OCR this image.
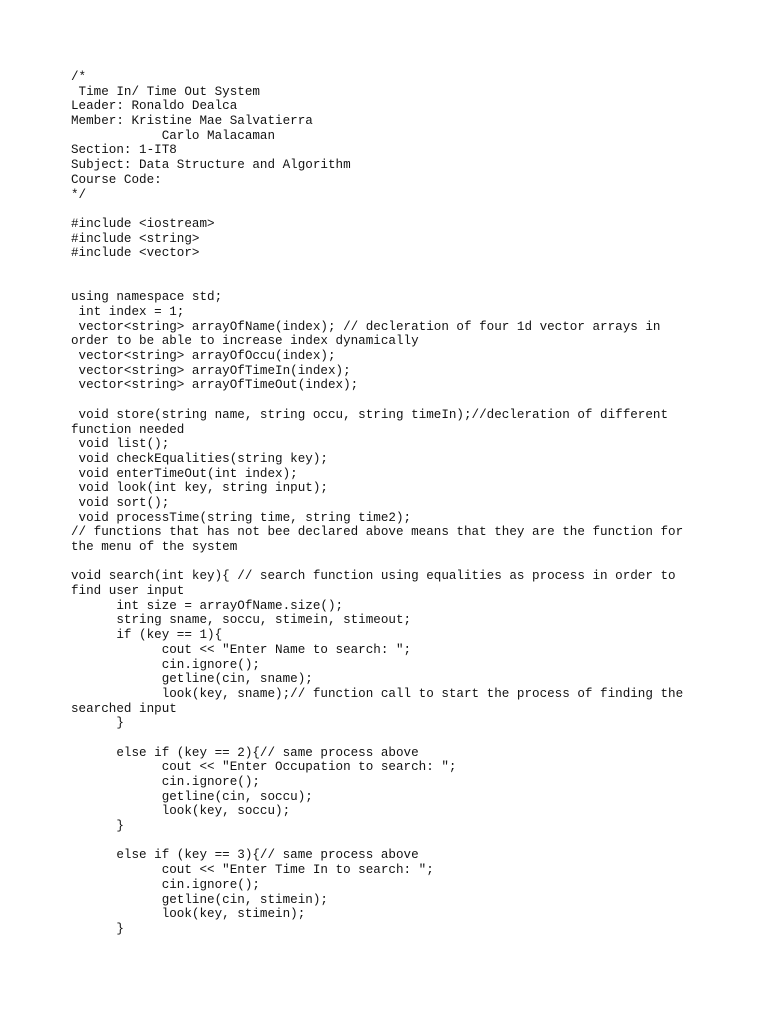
/*
Time In/ Time Out System
Leader: Ronaldo Dealca
Member: Kristine Mae Salvatierra
Carlo Malacaman
Section: 1-IT8
Subject: Data Structure and Algorithm
Course Code:
*/
#include <iostream>
#include <string>
#include <vector>
using namespace std;
int index = 1;
vector<string> arrayOfName(index); // decleration of four 1d vector arrays in
order to be able to increase index dynamically
vector<string> arrayOfOccu(index);
vector<string> arrayOfTimeIn(index);
vector<string> arrayOfTimeOut(index);
void store(string name, string occu, string timeIn);//decleration of different
function needed
void list();
void checkEqualities(string key);
void enterTimeOut(int index);
void look(int key, string input);
void sort();
void processTime(string time, string time2);
// functions that has not bee declared above means that they are the function for
the menu of the system
void search(int key){ // search function using equalities as process in order to
find user input
int size = arrayOfName.size();
string sname, soccu, stimein, stimeout;
if (key == 1){
cout << "Enter Name to search: ";
cin.ignore();
getline(cin, sname);
look(key, sname);// function call to start the process of finding the
searched input
}
else if (key == 2){// same process above
cout << "Enter Occupation to search: ";
cin.ignore();
getline(cin, soccu);
look(key, soccu);
}
else if (key == 3){// same process above
cout << "Enter Time In to search: ";
cin.ignore();
getline(cin, stimein);
look(key, stimein);
}
